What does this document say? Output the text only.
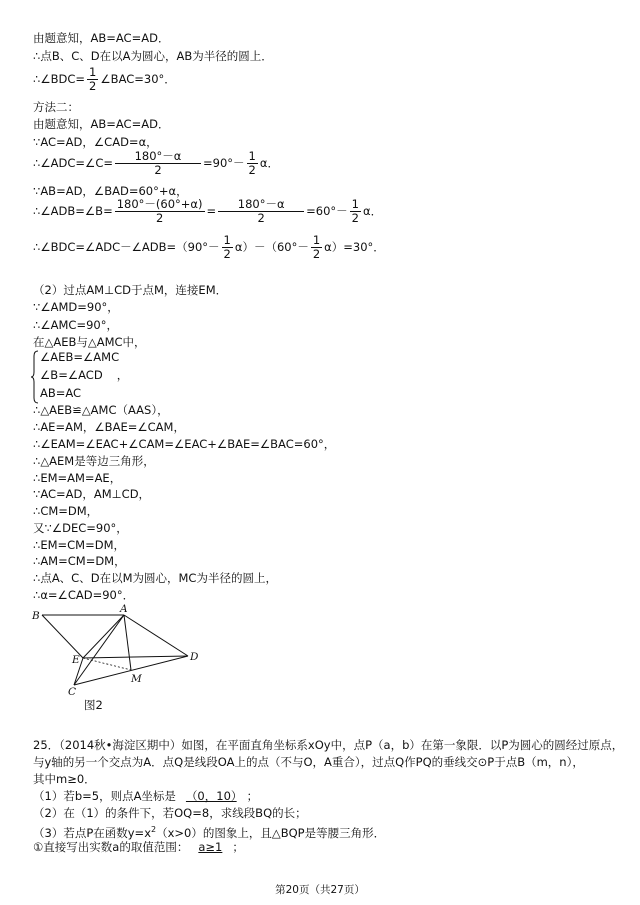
由题意知，AB=AC=AD．
∴点B、C、D在以A为圆心，AB为半径的圆上．
∴∠BDC= $\frac{1}{2}$ ∠BAC=30°．
方法二：
由题意知，AB=AC=AD．
∵AC=AD，∠CAD=α，
∴∠ADC=∠C= $\frac{180^\circ-\alpha}{2} =90^\circ- \frac{1}{2}$ α．
∵AB=AD，∠BAD=60°+α，
∴∠ADB=∠B= $\frac{180^\circ-(60^\circ+\alpha)}{2} = \frac{180^\circ-\alpha}{2} =60^\circ- \frac{1}{2}$ α．
∴∠BDC=∠ADC－∠ADB=（90°－ $\frac{1}{2} \alpha)-(60^\circ- \frac{1}{2} \alpha)=30^\circ$．
（2）过点AM⊥CD于点M，连接EM．
∵∠AMD=90°，
∴∠AMC=90°，
在△AEB与△AMC中，
∠AEB=∠AMC
∠B=∠ACD ，
AB=AC
∴△AEB≌△AMC（AAS），
∴AE=AM，∠BAE=∠CAM，
∴∠EAM=∠EAC+∠CAM=∠EAC+∠BAE=∠BAC=60°，
∴△AEM是等边三角形，
∴EM=AM=AE，
∵AC=AD，AM⊥CD，
∴CM=DM，
又∵∠DEC=90°，
∴EM=CM=DM，
∴AM=CM=DM，
∴点A、C、D在以M为圆心，MC为半径的圆上，
∴α=∠CAD=90°．
B
A
E
C
D
M
图2
25．（2014秋•海淀区期中）如图，在平面直角坐标系xOy中，点P（a，b）在第一象限．以P为圆心的圆经过原点，
与y轴的另一个交点为A．点Q是线段OA上的点（不与O，A重合），过点Q作PQ的垂线交⊙P于点B（m，n），
其中m≥0．
（1）若b=5，则点A坐标是 （0，10） ；
（2）在（1）的条件下，若OQ=8，求线段BQ的长；
（3）若点P在函数$y=x^2(x>0)$的图象上，且△BQP是等腰三角形．
①直接写出实数a的取值范围： a≥1 ；
第20页（共27页）
